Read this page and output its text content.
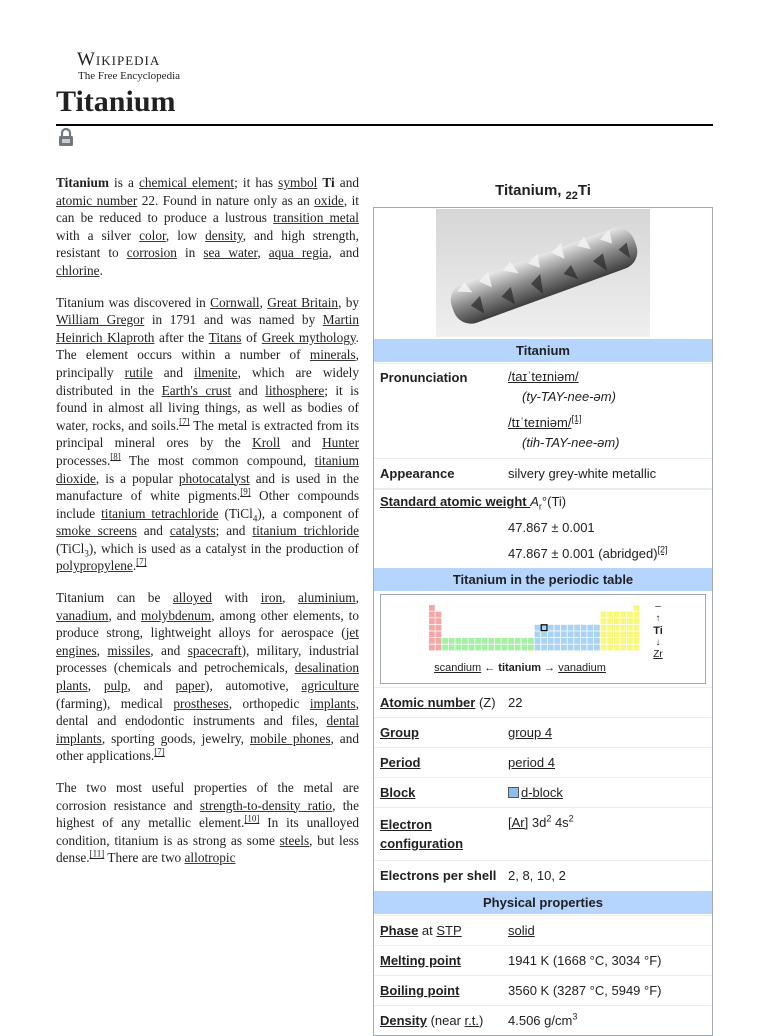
Wikipedia
The Free Encyclopedia
Titanium

Titanium is a chemical element; it has symbol Ti and atomic number 22. Found in nature only as an oxide, it can be reduced to produce a lustrous transition metal with a silver color, low density, and high strength, resistant to corrosion in sea water, aqua regia, and chlorine.

Titanium was discovered in Cornwall, Great Britain, by William Gregor in 1791 and was named by Martin Heinrich Klaproth after the Titans of Greek mythology. The element occurs within a number of minerals, principally rutile and ilmenite, which are widely distributed in the Earth's crust and lithosphere; it is found in almost all living things, as well as bodies of water, rocks, and soils.[7] The metal is extracted from its principal mineral ores by the Kroll and Hunter processes.[8] The most common compound, titanium dioxide, is a popular photocatalyst and is used in the manufacture of white pigments.[9] Other compounds include titanium tetrachloride (TiCl$_4$), a component of smoke screens and catalysts; and titanium trichloride (TiCl$_3$), which is used as a catalyst in the production of polypropylene.[7]

Titanium can be alloyed with iron, aluminium, vanadium, and molybdenum, among other elements, to produce strong, lightweight alloys for aerospace (jet engines, missiles, and spacecraft), military, industrial processes (chemicals and petrochemicals, desalination plants, pulp, and paper), automotive, agriculture (farming), medical prostheses, orthopedic implants, dental and endodontic instruments and files, dental implants, sporting goods, jewelry, mobile phones, and other applications.[7]

The two most useful properties of the metal are corrosion resistance and strength-to-density ratio, the highest of any metallic element.[10] In its unalloyed condition, titanium is as strong as some steels, but less dense.[11] There are two allotropic

Titanium, $_{22}$Ti
Titanium
Pronunciation	/taɪˈteɪniəm/
(ty-TAY-nee-əm)
/tɪˈteɪniəm/[1]
(tih-TAY-nee-əm)
Appearance	silvery grey-white metallic
Standard atomic weight $A_r^\circ(Ti)$
47.867 ± 0.001
47.867 ± 0.001 (abridged)[2]
Titanium in the periodic table
scandium ← titanium → vanadium
–
↑
Ti
↓
Zr
Atomic number (Z) 22
Group	group 4
Period	period 4
Block	d-block
Electron configuration
[Ar] $3d^2$ $4s^2$
Electrons per shell 2, 8, 10, 2
Physical properties
Phase at STP	solid
Melting point	1941 K (1668 °C, 3034 °F)
Boiling point	3560 K (3287 °C, 5949 °F)
Density (near r.t.)	4.506 $g/cm^3$
